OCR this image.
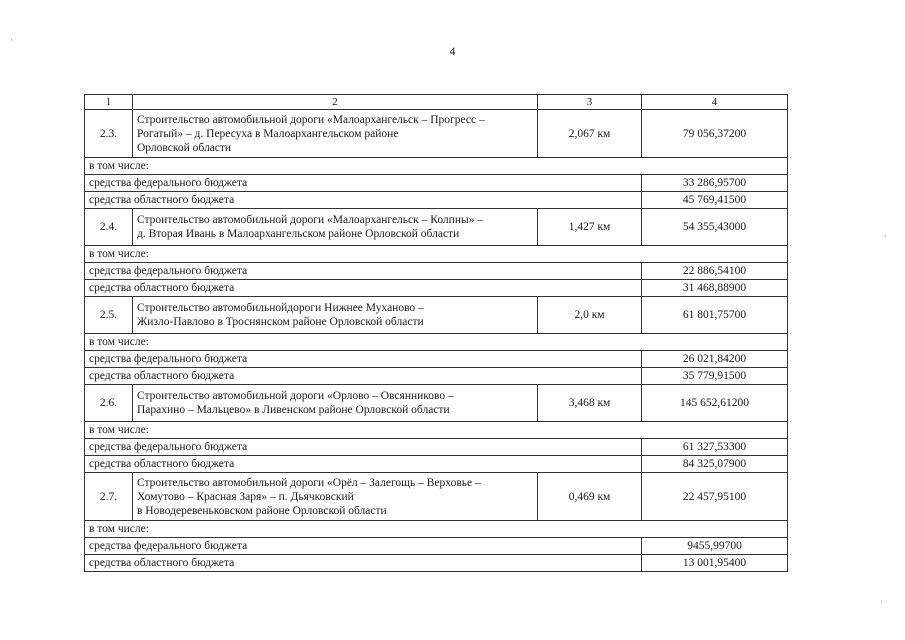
4
1	2	3	4
2.3.	Строительство автомобильной дороги «Малоархангельск – Прогресс –
Рогатый» – д. Пересуха в Малоархангельском районе
Орловской области	2,067 км	79 056,37200
в том числе:			
средства федерального бюджета			33 286,95700
средства областного бюджета			45 769,41500
2.4.	Строительство автомобильной дороги «Малоархангельск – Колпны» –
д. Вторая Ивань в Малоархангельском районе Орловской области	1,427 км	54 355,43000
в том числе:			
средства федерального бюджета			22 886,54100
средства областного бюджета			31 468,88900
2.5.	Строительство автомобильнойдороги Нижнее Муханово –
Жизло-Павлово в Троснянском районе Орловской области	2,0 км	61 801,75700
в том числе:			
средства федерального бюджета			26 021,84200
средства областного бюджета			35 779,91500
2.6.	Строительство автомобильной дороги «Орлово – Овсянниково –
Парахино – Мальцево» в Ливенском районе Орловской области	3,468 км	145 652,61200
в том числе:			
средства федерального бюджета			61 327,53300
средства областного бюджета			84 325,07900
2.7.	Строительство автомобильной дороги «Орёл – Залегощь – Верховье –
Хомутово – Красная Заря» – п. Дьячковский
в Новодеревеньковском районе Орловской области	0,469 км	22 457,95100
в том числе:			
средства федерального бюджета			9455,99700
средства областного бюджета			13 001,95400
·
·
·
